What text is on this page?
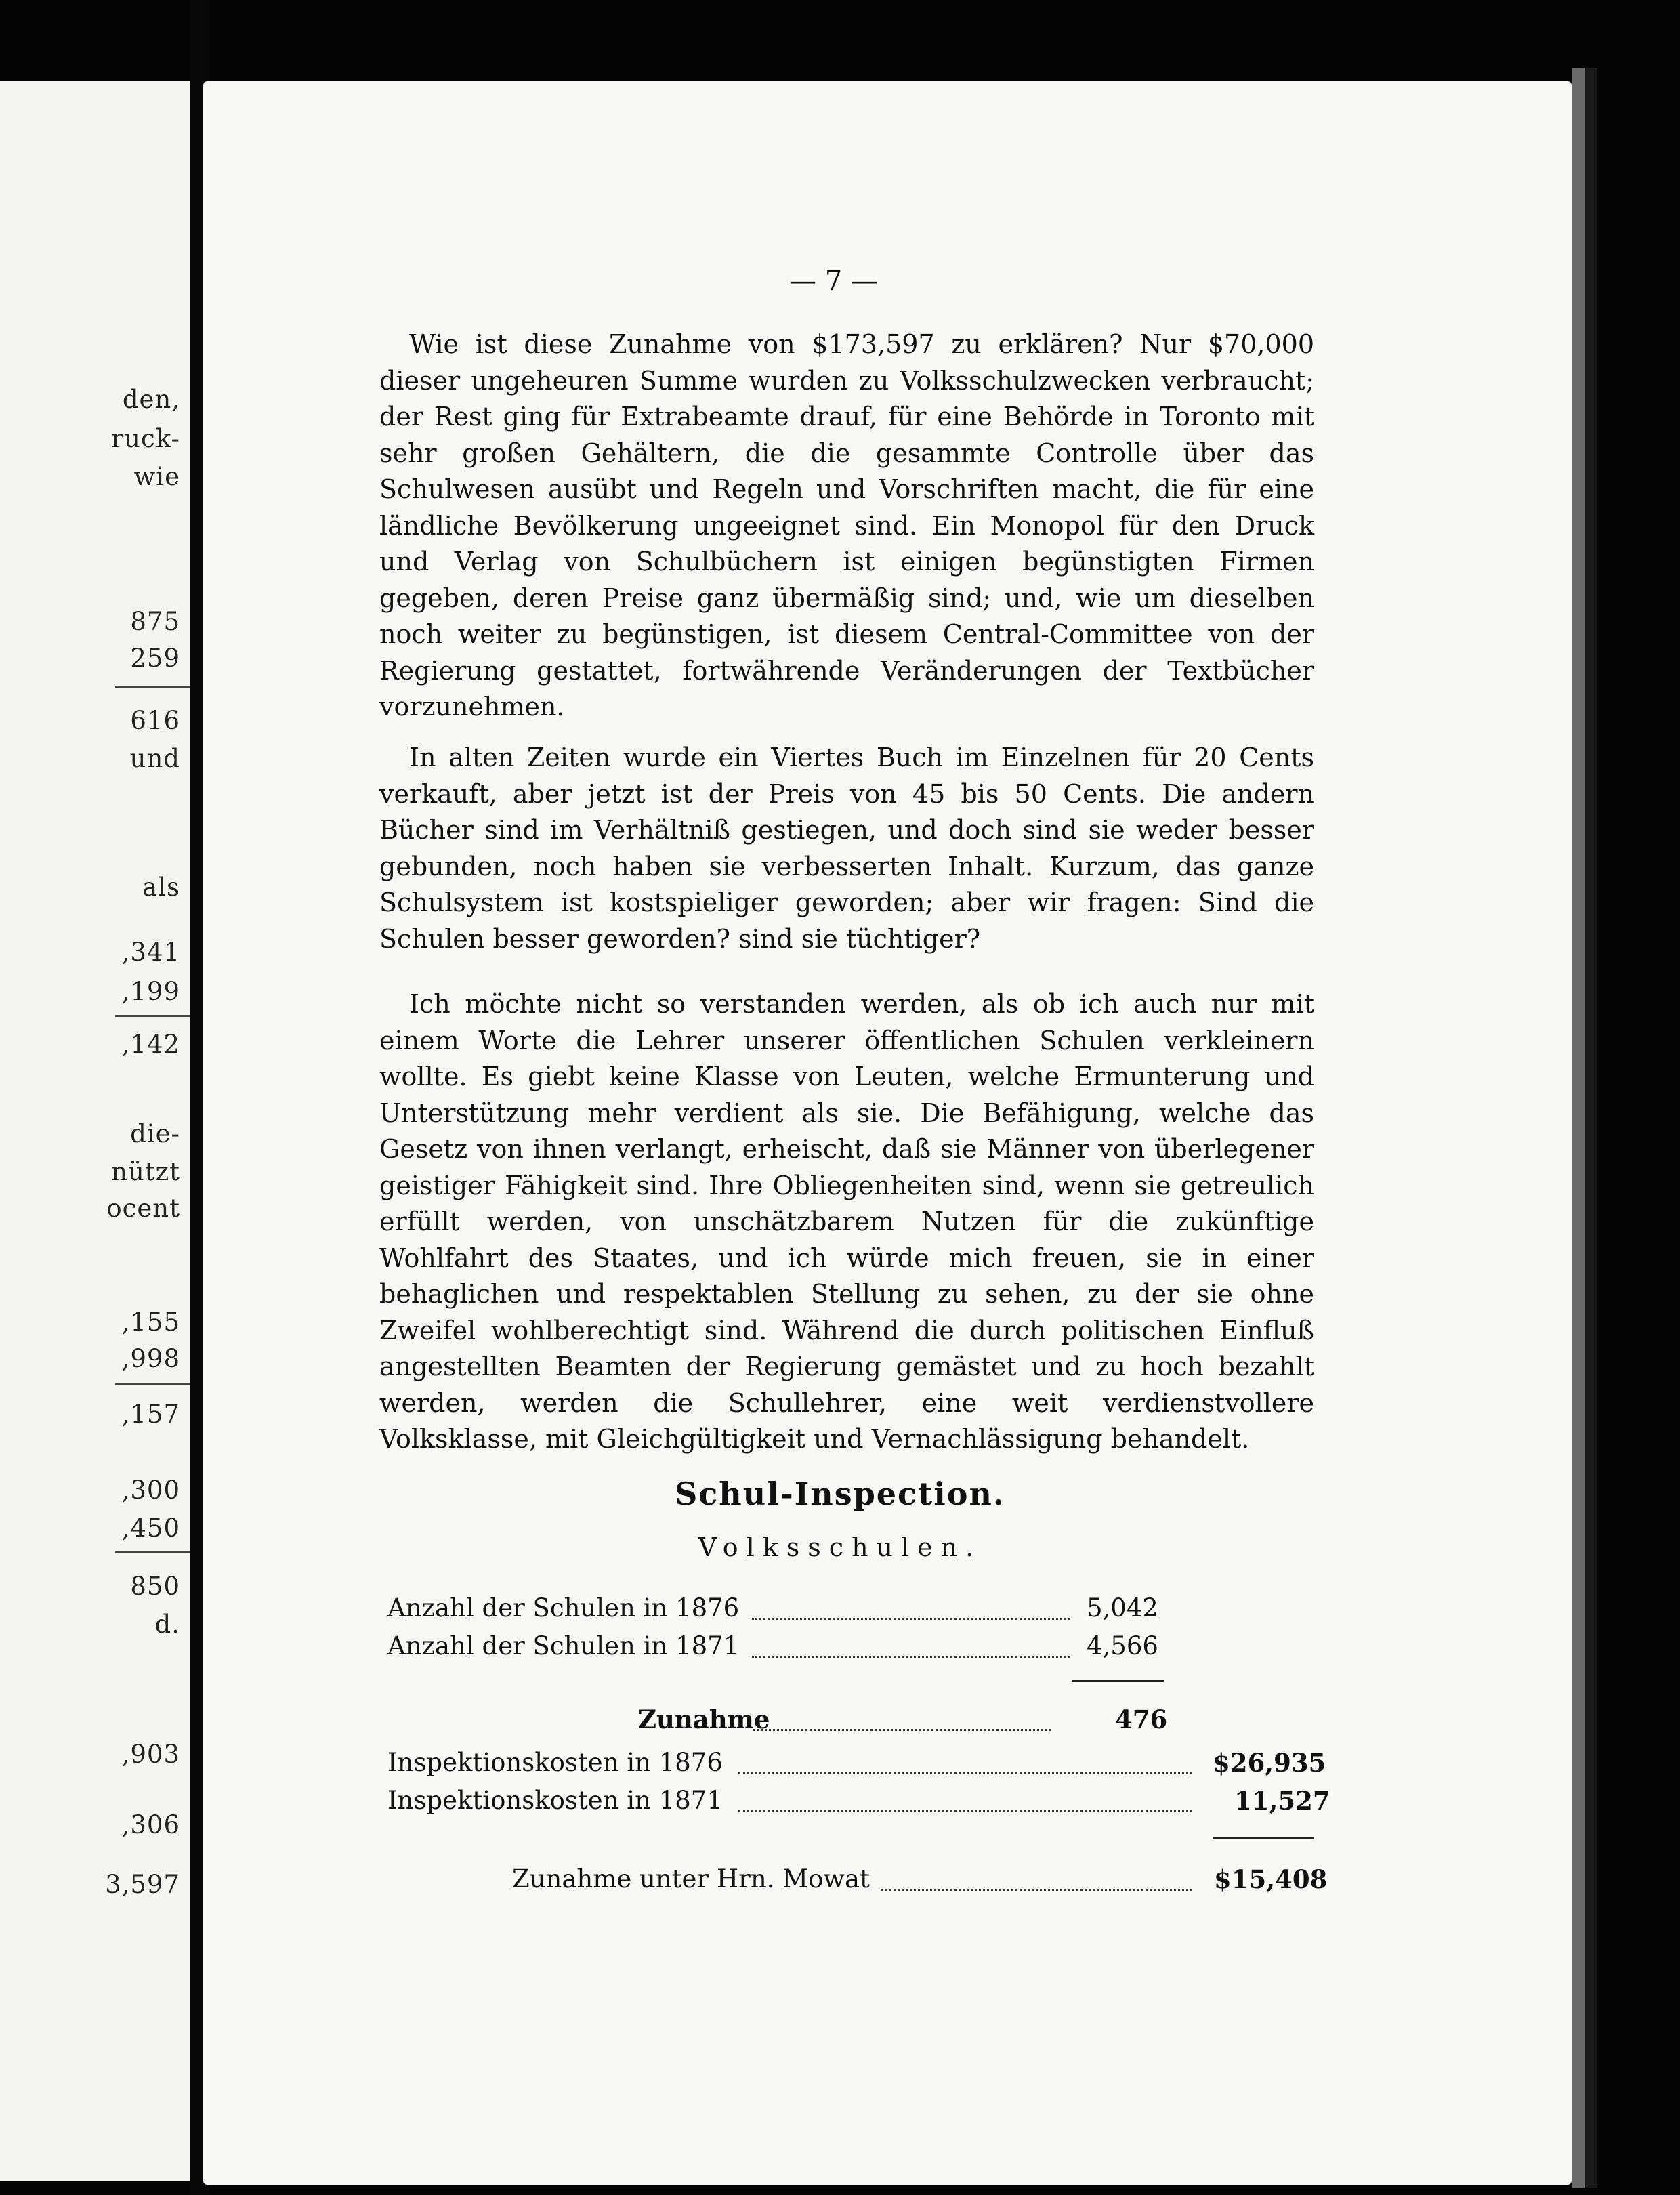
den,
ruck-
wie
875
259
616
und
als
,341
,199
,142
die-
nützt
ocent
,155
,998
,157
,300
,450
850
d.
,903
,306
3,597
— 7 —

Wie ist diese Zunahme von $173,597 zu erklären? Nur $70,000 dieser ungeheuren Summe wurden zu Volksschulzwecken verbraucht; der Rest ging für Extrabeamte drauf, für eine Behörde in Toronto mit sehr großen Gehältern, die die gesammte Controlle über das Schulwesen ausübt und Regeln und Vorschriften macht, die für eine ländliche Bevölkerung ungeeignet sind. Ein Monopol für den Druck und Verlag von Schulbüchern ist einigen begünstigten Firmen gegeben, deren Preise ganz übermäßig sind; und, wie um dieselben noch weiter zu begünstigen, ist diesem Central-Committee von der Regierung gestattet, fortwährende Veränderungen der Textbücher vorzunehmen.

In alten Zeiten wurde ein Viertes Buch im Einzelnen für 20 Cents verkauft, aber jetzt ist der Preis von 45 bis 50 Cents. Die andern Bücher sind im Verhältniß gestiegen, und doch sind sie weder besser gebunden, noch haben sie verbesserten Inhalt. Kurzum, das ganze Schulsystem ist kostspieliger geworden; aber wir fragen: Sind die Schulen besser geworden? sind sie tüchtiger?

Ich möchte nicht so verstanden werden, als ob ich auch nur mit einem Worte die Lehrer unserer öffentlichen Schulen verkleinern wollte. Es giebt keine Klasse von Leuten, welche Ermunterung und Unterstützung mehr verdient als sie. Die Befähigung, welche das Gesetz von ihnen verlangt, erheischt, daß sie Männer von überlegener geistiger Fähigkeit sind. Ihre Obliegenheiten sind, wenn sie getreulich erfüllt werden, von unschätzbarem Nutzen für die zukünftige Wohlfahrt des Staates, und ich würde mich freuen, sie in einer behaglichen und respektablen Stellung zu sehen, zu der sie ohne Zweifel wohlberechtigt sind. Während die durch politischen Einfluß angestellten Beamten der Regierung gemästet und zu hoch bezahlt werden, werden die Schullehrer, eine weit verdienstvollere Volksklasse, mit Gleichgültigkeit und Vernachlässigung behandelt.

Schul-Inspection.
Volksschulen.
Anzahl der Schulen in 1876	5,042
Anzahl der Schulen in 1871	4,566
Zunahme	476
Inspektionskosten in 1876	$26,935
Inspektionskosten in 1871	11,527
Zunahme unter Hrn. Mowat	$15,408
